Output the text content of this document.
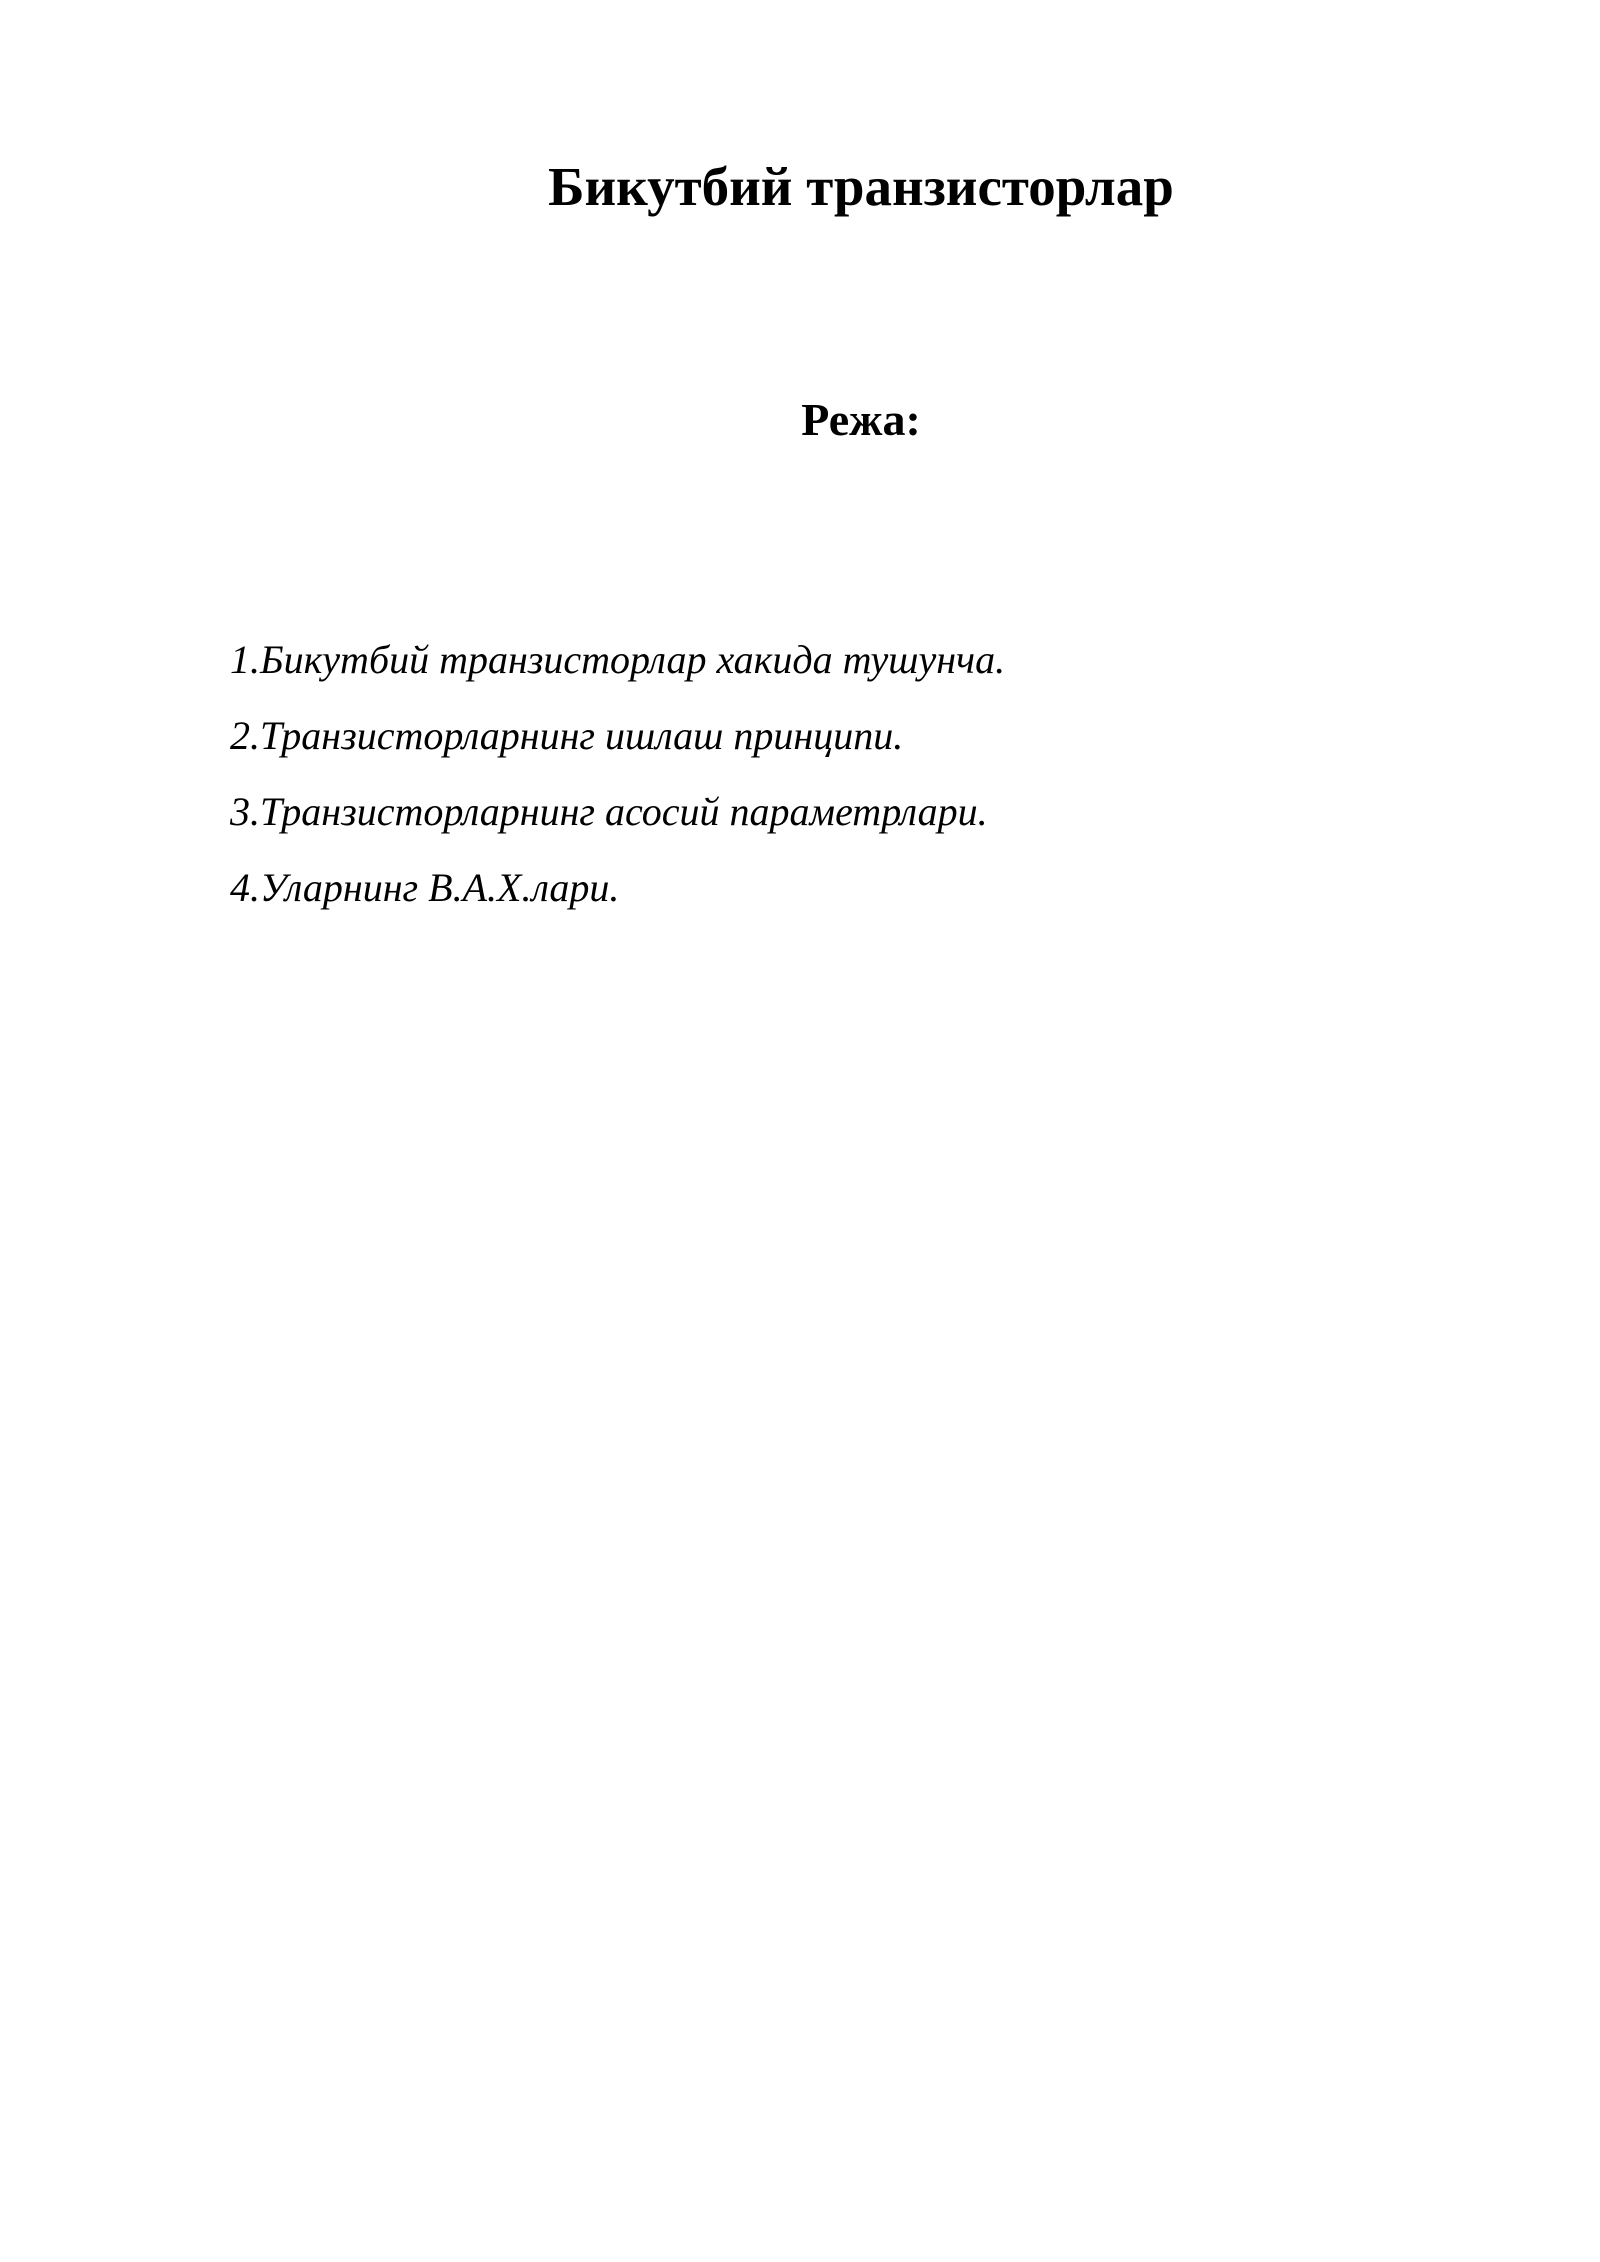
Бикутбий транзисторлар
Режа:
1.Бикутбий транзисторлар хакида тушунча.
2.Транзисторларнинг ишлаш принципи.
3.Транзисторларнинг асосий параметрлари.
4.Уларнинг В.А.Х.лари.
